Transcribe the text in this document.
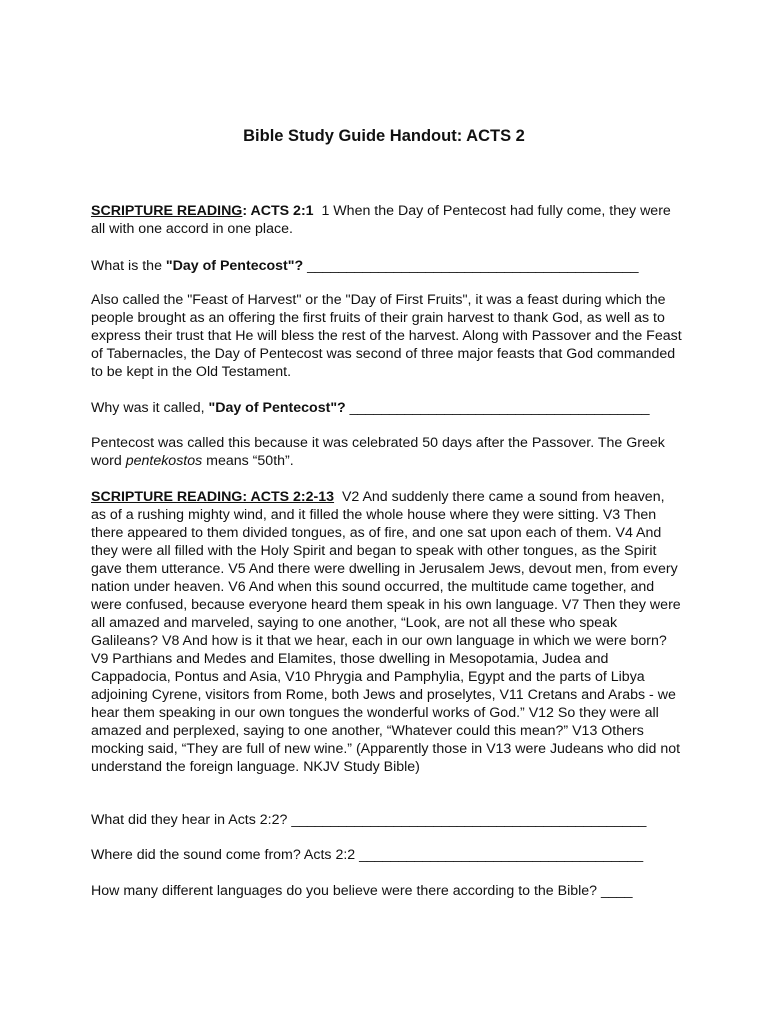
Bible Study Guide Handout: ACTS 2

SCRIPTURE READING: ACTS 2:1  1 When the Day of Pentecost had fully come, they were all with one accord in one place.

What is the "Day of Pentecost"? __________________________________________

Also called the "Feast of Harvest" or the "Day of First Fruits", it was a feast during which the people brought as an offering the first fruits of their grain harvest to thank God, as well as to express their trust that He will bless the rest of the harvest. Along with Passover and the Feast of Tabernacles, the Day of Pentecost was second of three major feasts that God commanded to be kept in the Old Testament.

Why was it called, "Day of Pentecost"? ______________________________________

Pentecost was called this because it was celebrated 50 days after the Passover. The Greek word pentekostos means “50th”.

SCRIPTURE READING: ACTS 2:2-13  V2 And suddenly there came a sound from heaven, as of a rushing mighty wind, and it filled the whole house where they were sitting. V3 Then there appeared to them divided tongues, as of fire, and one sat upon each of them. V4 And they were all filled with the Holy Spirit and began to speak with other tongues, as the Spirit gave them utterance. V5 And there were dwelling in Jerusalem Jews, devout men, from every nation under heaven. V6 And when this sound occurred, the multitude came together, and were confused, because everyone heard them speak in his own language. V7 Then they were all amazed and marveled, saying to one another, “Look, are not all these who speak Galileans? V8 And how is it that we hear, each in our own language in which we were born? V9 Parthians and Medes and Elamites, those dwelling in Mesopotamia, Judea and Cappadocia, Pontus and Asia, V10 Phrygia and Pamphylia, Egypt and the parts of Libya adjoining Cyrene, visitors from Rome, both Jews and proselytes, V11 Cretans and Arabs - we hear them speaking in our own tongues the wonderful works of God.” V12 So they were all amazed and perplexed, saying to one another, “Whatever could this mean?” V13 Others mocking said, “They are full of new wine.” (Apparently those in V13 were Judeans who did not understand the foreign language. NKJV Study Bible)

What did they hear in Acts 2:2? _____________________________________________

Where did the sound come from? Acts 2:2 ____________________________________

How many different languages do you believe were there according to the Bible? ____
